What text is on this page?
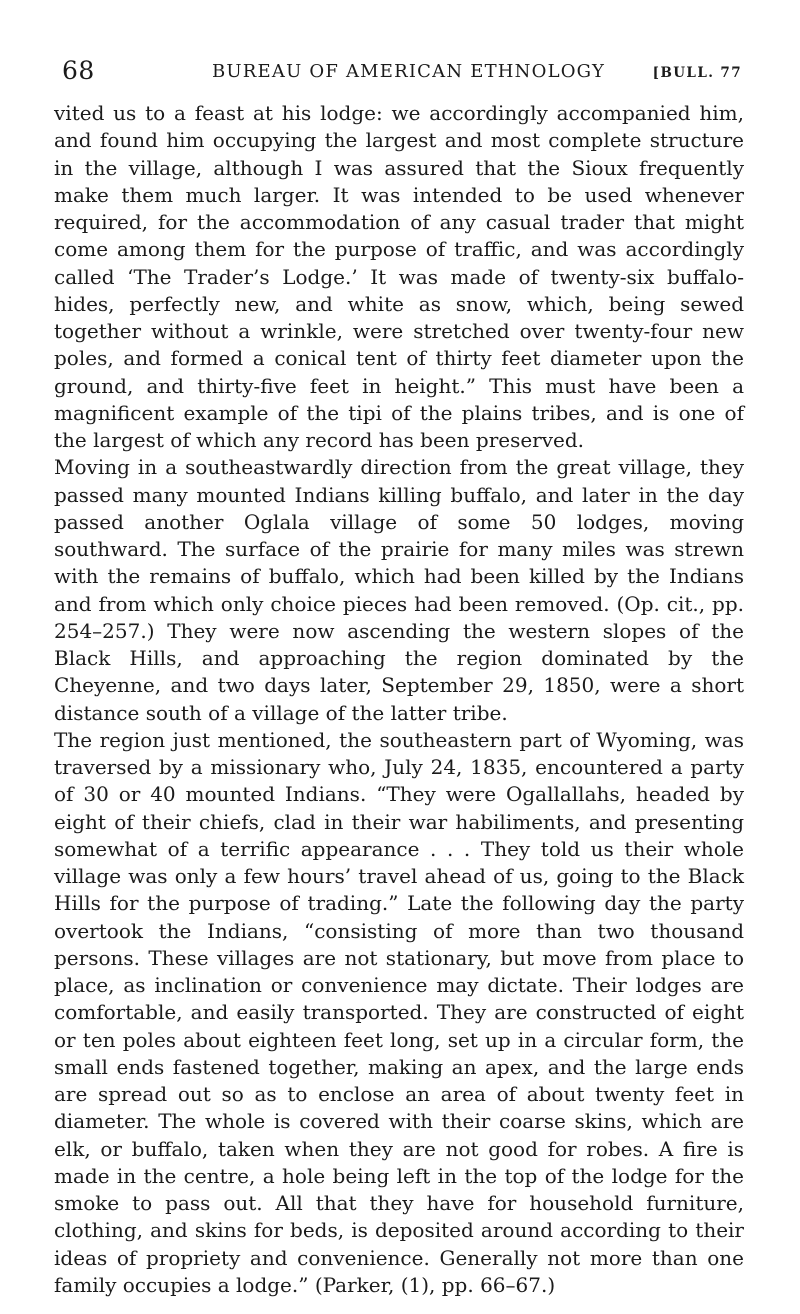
68	BUREAU OF AMERICAN ETHNOLOGY	[BULL. 77

vited us to a feast at his lodge: we accordingly accompanied him, and found him occupying the largest and most complete structure in the village, although I was assured that the Sioux frequently make them much larger. It was intended to be used whenever required, for the accommodation of any casual trader that might come among them for the purpose of traffic, and was accordingly called ‘The Trader’s Lodge.’ It was made of twenty-six buffalo-hides, perfectly new, and white as snow, which, being sewed together without a wrinkle, were stretched over twenty-four new poles, and formed a conical tent of thirty feet diameter upon the ground, and thirty-five feet in height.” This must have been a magnificent example of the tipi of the plains tribes, and is one of the largest of which any record has been preserved.

Moving in a southeastwardly direction from the great village, they passed many mounted Indians killing buffalo, and later in the day passed another Oglala village of some 50 lodges, moving southward. The surface of the prairie for many miles was strewn with the remains of buffalo, which had been killed by the Indians and from which only choice pieces had been removed. (Op. cit., pp. 254–257.) They were now ascending the western slopes of the Black Hills, and approaching the region dominated by the Cheyenne, and two days later, September 29, 1850, were a short distance south of a village of the latter tribe.

The region just mentioned, the southeastern part of Wyoming, was traversed by a missionary who, July 24, 1835, encountered a party of 30 or 40 mounted Indians. “They were Ogallallahs, headed by eight of their chiefs, clad in their war habiliments, and presenting somewhat of a terrific appearance . . . They told us their whole village was only a few hours’ travel ahead of us, going to the Black Hills for the purpose of trading.” Late the following day the party overtook the Indians, “consisting of more than two thousand persons. These villages are not stationary, but move from place to place, as inclination or convenience may dictate. Their lodges are comfortable, and easily transported. They are constructed of eight or ten poles about eighteen feet long, set up in a circular form, the small ends fastened together, making an apex, and the large ends are spread out so as to enclose an area of about twenty feet in diameter. The whole is covered with their coarse skins, which are elk, or buffalo, taken when they are not good for robes. A fire is made in the centre, a hole being left in the top of the lodge for the smoke to pass out. All that they have for household furniture, clothing, and skins for beds, is deposited around according to their ideas of propriety and convenience. Generally not more than one family occupies a lodge.” (Parker, (1), pp. 66–67.)
